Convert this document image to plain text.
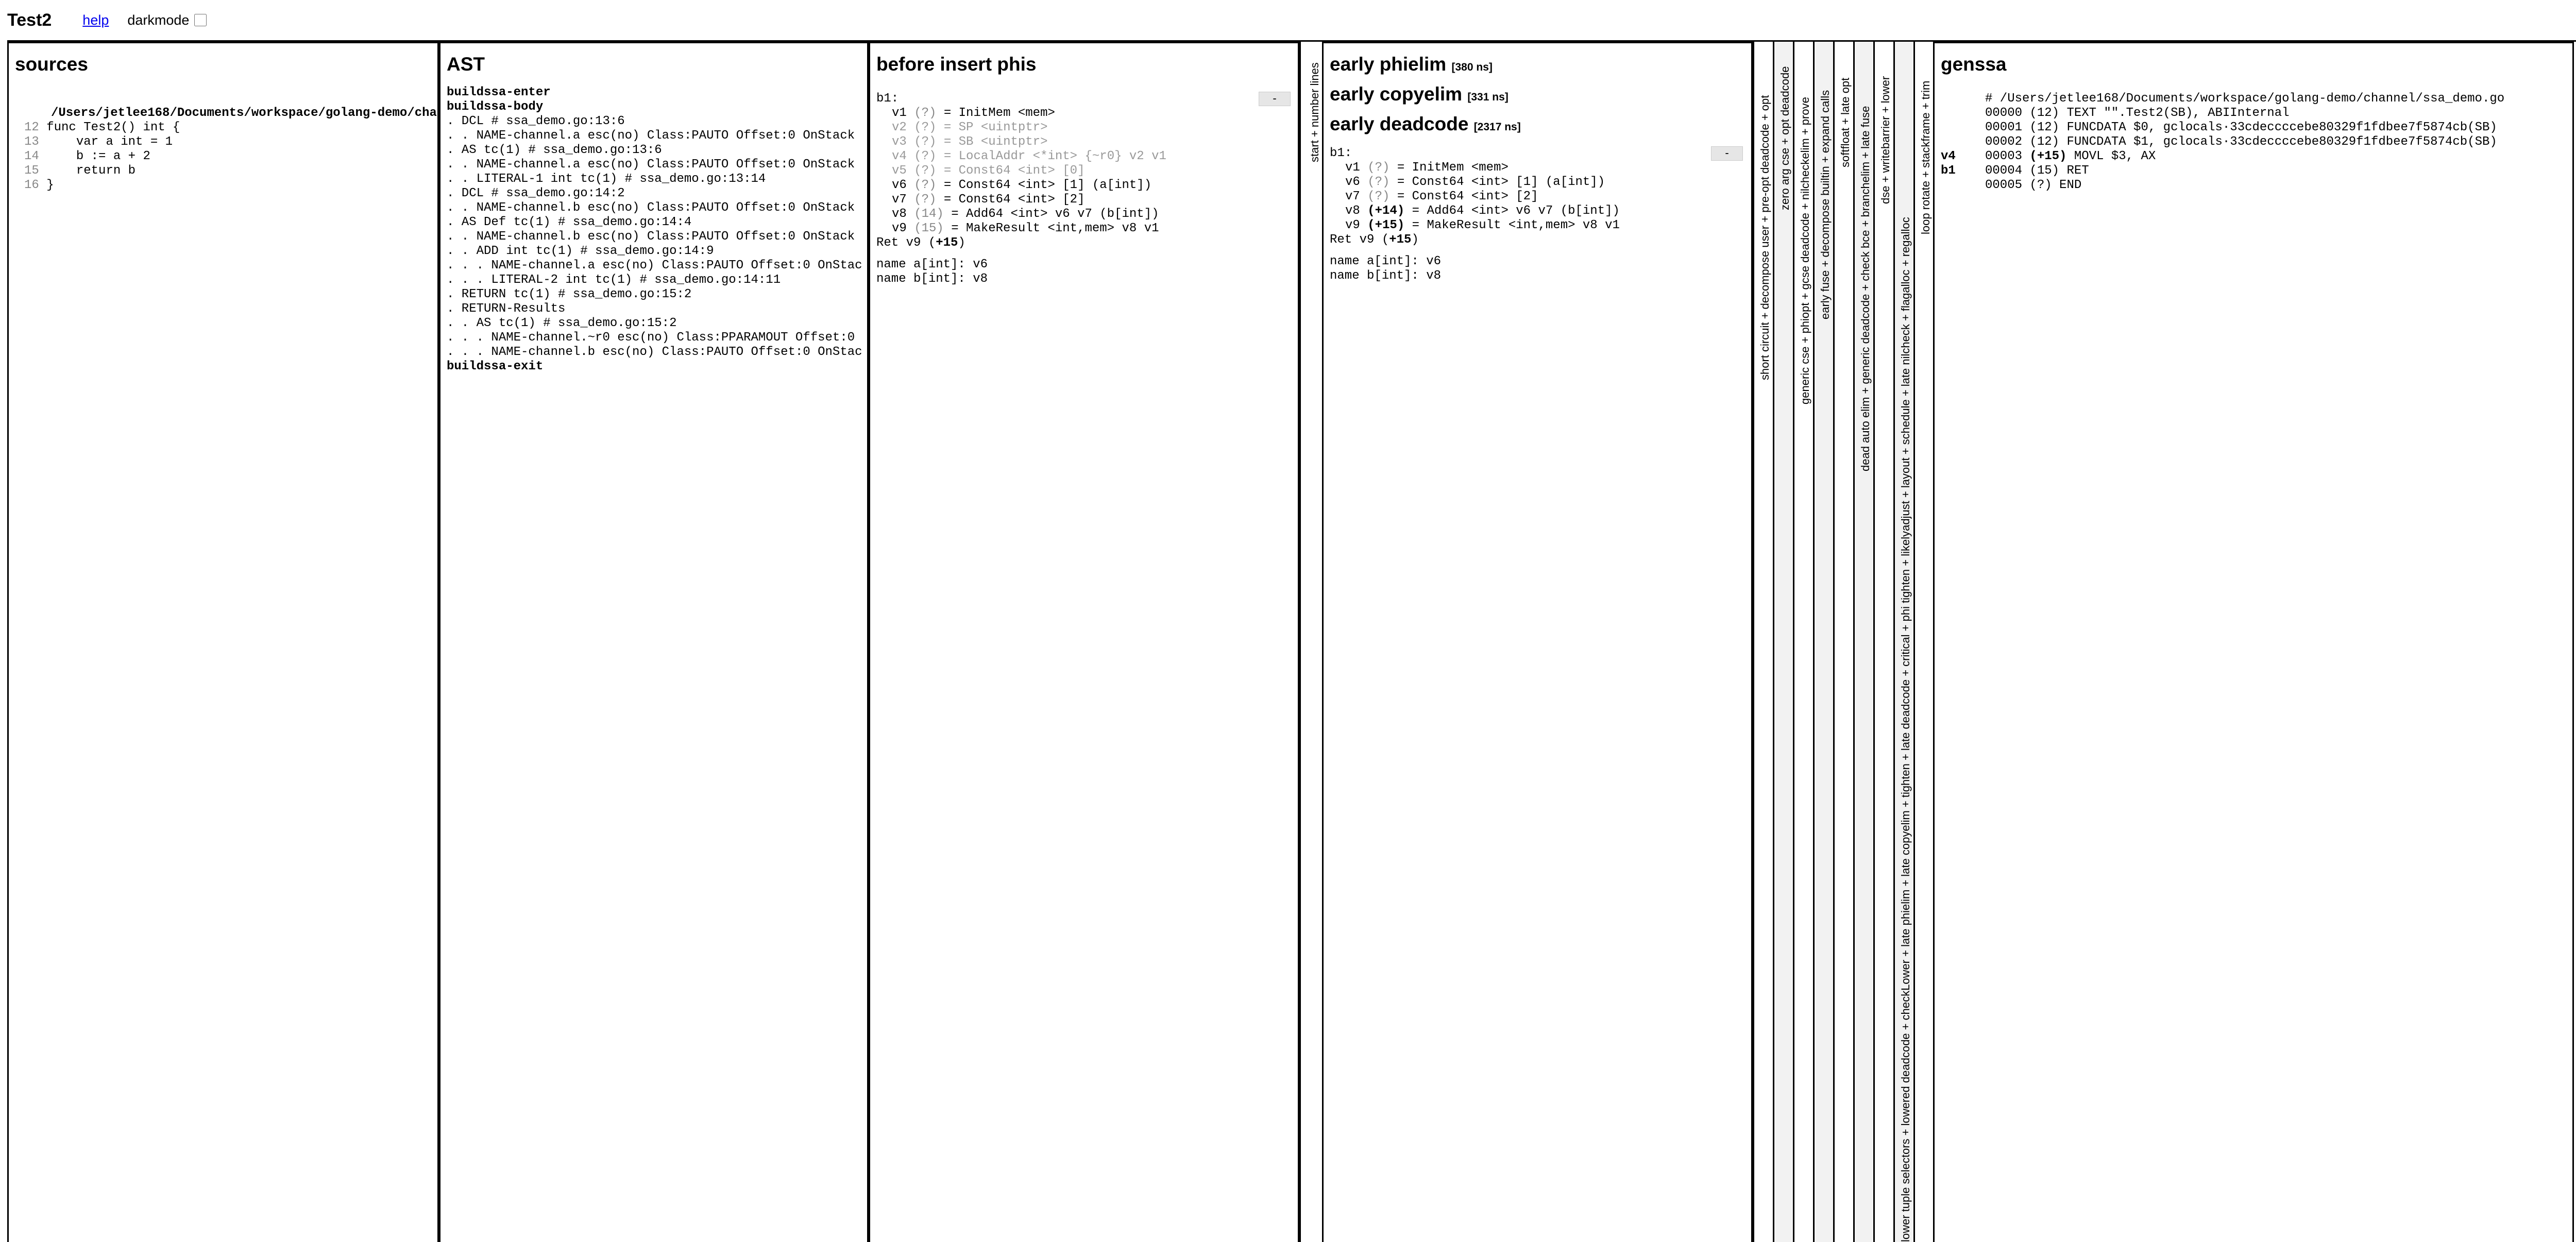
Test2 help darkmode
sources
/Users/jetlee168/Documents/workspace/golang-demo/cha
12 func Test2() int {
13     var a int = 1
14     b := a + 2
15     return b
16 }
AST
buildssa-enter
buildssa-body
. DCL # ssa_demo.go:13:6
. . NAME-channel.a esc(no) Class:PAUTO Offset:0 OnStack
. AS tc(1) # ssa_demo.go:13:6
. . NAME-channel.a esc(no) Class:PAUTO Offset:0 OnStack
. . LITERAL-1 int tc(1) # ssa_demo.go:13:14
. DCL # ssa_demo.go:14:2
. . NAME-channel.b esc(no) Class:PAUTO Offset:0 OnStack
. AS Def tc(1) # ssa_demo.go:14:4
. . NAME-channel.b esc(no) Class:PAUTO Offset:0 OnStack
. . ADD int tc(1) # ssa_demo.go:14:9
. . . NAME-channel.a esc(no) Class:PAUTO Offset:0 OnStac
. . . LITERAL-2 int tc(1) # ssa_demo.go:14:11
. RETURN tc(1) # ssa_demo.go:15:2
. RETURN-Results
. . AS tc(1) # ssa_demo.go:15:2
. . . NAME-channel.~r0 esc(no) Class:PPARAMOUT Offset:0
. . . NAME-channel.b esc(no) Class:PAUTO Offset:0 OnStac
buildssa-exit
before insert phis
-
b1:
v1 (?) = InitMem <mem>
v2 (?) = SP <uintptr>
v3 (?) = SB <uintptr>
v4 (?) = LocalAddr <*int> {~r0} v2 v1
v5 (?) = Const64 <int> [0]
v6 (?) = Const64 <int> [1] (a[int])
v7 (?) = Const64 <int> [2]
v8 (14) = Add64 <int> v6 v7 (b[int])
v9 (15) = MakeResult <int,mem> v8 v1
Ret v9 (+15)
name a[int]: v6
name b[int]: v8
start + number lines early phielim [380 ns]
early copyelim [331 ns]
early deadcode [2317 ns]
-
b1:
v1 (?) = InitMem <mem>
v6 (?) = Const64 <int> [1] (a[int])
v7 (?) = Const64 <int> [2]
v8 (+14) = Add64 <int> v6 v7 (b[int])
v9 (+15) = MakeResult <int,mem> v8 v1
Ret v9 (+15)
name a[int]: v6
name b[int]: v8	short circuit + decompose user + pre-opt deadcode + opt zero arg cse + opt deadcode generic cse + phiopt + gcse deadcode + nilcheckelim + prove early fuse + decompose builtin + expand calls softfloat + late opt dead auto elim + generic deadcode + check bce + branchelim + late fuse dse + writebarrier + lower
lower tuple selectors + lowered deadcode + checkLower + late phielim + late copyelim + tighten + late deadcode + critical + phi tighten + likelyadjust + layout + schedule + late nilcheck + flagalloc + regalloc
loop rotate + stackframe + trim
genssa
# /Users/jetlee168/Documents/workspace/golang-demo/channel/ssa_demo.go
00000 (12) TEXT "".Test2(SB), ABIInternal
00001 (12) FUNCDATA $0, gclocals·33cdeccccebe80329f1fdbee7f5874cb(SB)
00002 (12) FUNCDATA $1, gclocals·33cdeccccebe80329f1fdbee7f5874cb(SB)
v4 00003 (+15) MOVL $3, AX
b1 00004 (15) RET
00005 (?) END
